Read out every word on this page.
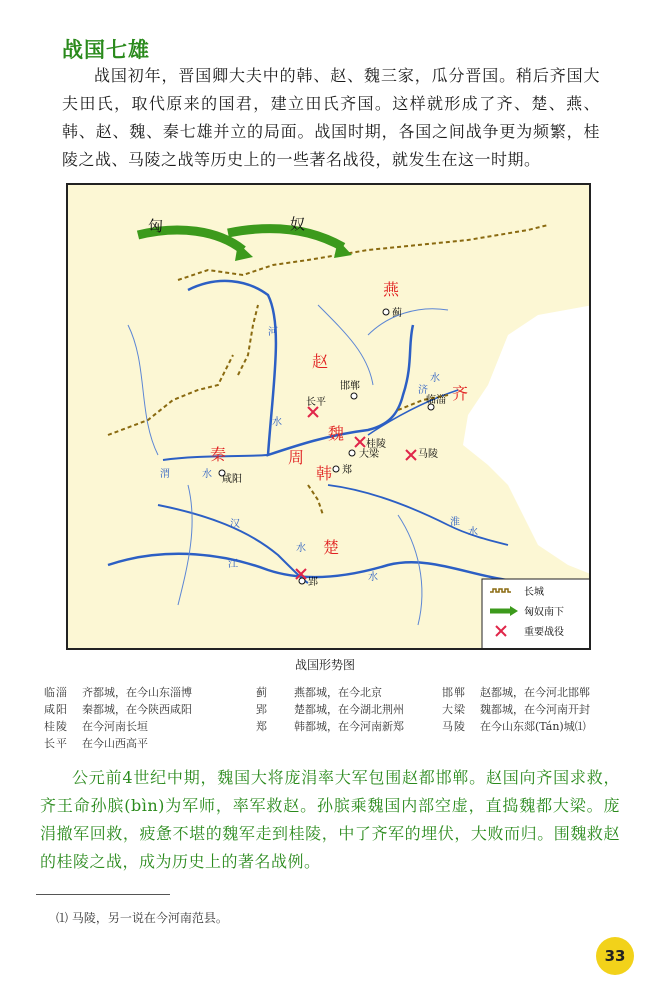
战国七雄
战国初年，晋国卿大夫中的韩、赵、魏三家，瓜分晋国。稍后齐国大夫田氏，取代原来的国君，建立田氏齐国。这样就形成了齐、楚、燕、韩、赵、魏、秦七雄并立的局面。战国时期，各国之间战争更为频繁，桂陵之战、马陵之战等历史上的一些著名战役，就发生在这一时期。
匈	奴
燕
赵
齐
魏
秦	周
韩
楚
蓟
邯郸
临淄
长平
桂陵
大梁	马陵
咸阳
郑
郢
河
水
渭	水
汉
水
江
水
淮
水
济
水
长城
匈奴南下
重要战役
战国形势图
临淄 齐都城，在今山东淄博
咸阳 秦都城，在今陕西咸阳
桂陵 在今河南长垣
长平 在今山西高平
蓟 燕都城，在今北京
郢 楚都城，在今湖北荆州
郑 韩都城，在今河南新郑
邯郸 赵都城，在今河北邯郸
大梁 魏都城，在今河南开封
马陵 在今山东郯(Tán)城⑴
公元前4世纪中期，魏国大将庞涓率大军包围赵都邯郸。赵国向齐国求救，齐王命孙膑(bìn)为军师，率军救赵。孙膑乘魏国内部空虚，直捣魏都大梁。庞涓撤军回救，疲惫不堪的魏军走到桂陵，中了齐军的埋伏，大败而归。围魏救赵的桂陵之战，成为历史上的著名战例。
⑴ 马陵，另一说在今河南范县。
33
